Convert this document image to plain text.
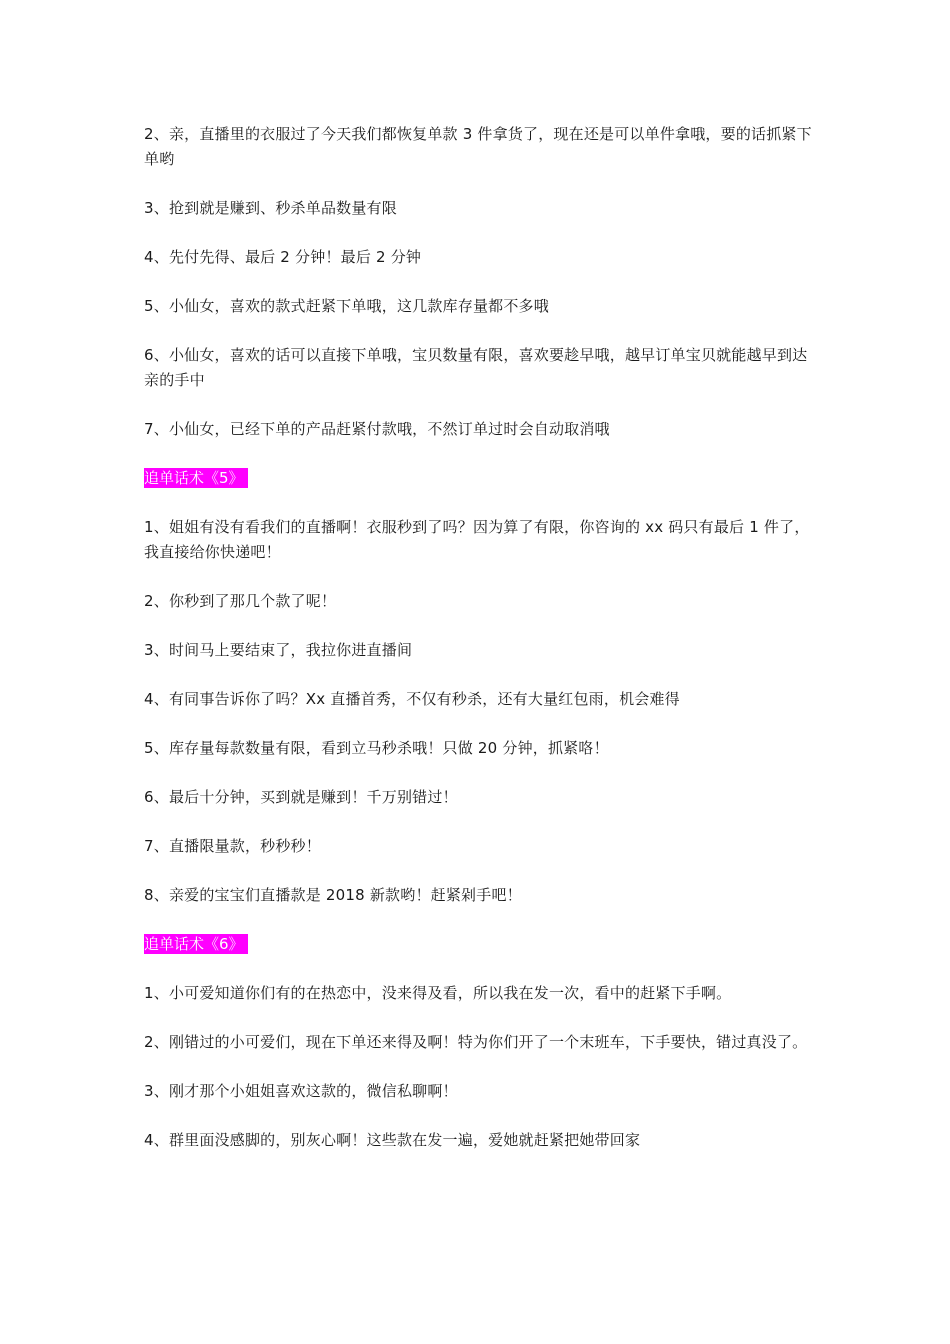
2、亲，直播里的衣服过了今天我们都恢复单款 3 件拿货了，现在还是可以单件拿哦，要的话抓紧下单哟

3、抢到就是赚到、秒杀单品数量有限

4、先付先得、最后 2 分钟！最后 2 分钟

5、小仙女，喜欢的款式赶紧下单哦，这几款库存量都不多哦

6、小仙女，喜欢的话可以直接下单哦，宝贝数量有限，喜欢要趁早哦，越早订单宝贝就能越早到达亲的手中

7、小仙女，已经下单的产品赶紧付款哦，不然订单过时会自动取消哦

追单话术《5》

1、姐姐有没有看我们的直播啊！衣服秒到了吗？因为算了有限，你咨询的 xx 码只有最后 1 件了，我直接给你快递吧！

2、你秒到了那几个款了呢！

3、时间马上要结束了，我拉你进直播间

4、有同事告诉你了吗？Xx 直播首秀，不仅有秒杀，还有大量红包雨，机会难得

5、库存量每款数量有限，看到立马秒杀哦！只做 20 分钟，抓紧咯！

6、最后十分钟，买到就是赚到！千万别错过！

7、直播限量款，秒秒秒！

8、亲爱的宝宝们直播款是 2018 新款哟！赶紧剁手吧！

追单话术《6》

1、小可爱知道你们有的在热恋中，没来得及看，所以我在发一次，看中的赶紧下手啊。

2、刚错过的小可爱们，现在下单还来得及啊！特为你们开了一个末班车，下手要快，错过真没了。

3、刚才那个小姐姐喜欢这款的，微信私聊啊！

4、群里面没感脚的，别灰心啊！这些款在发一遍，爱她就赶紧把她带回家
